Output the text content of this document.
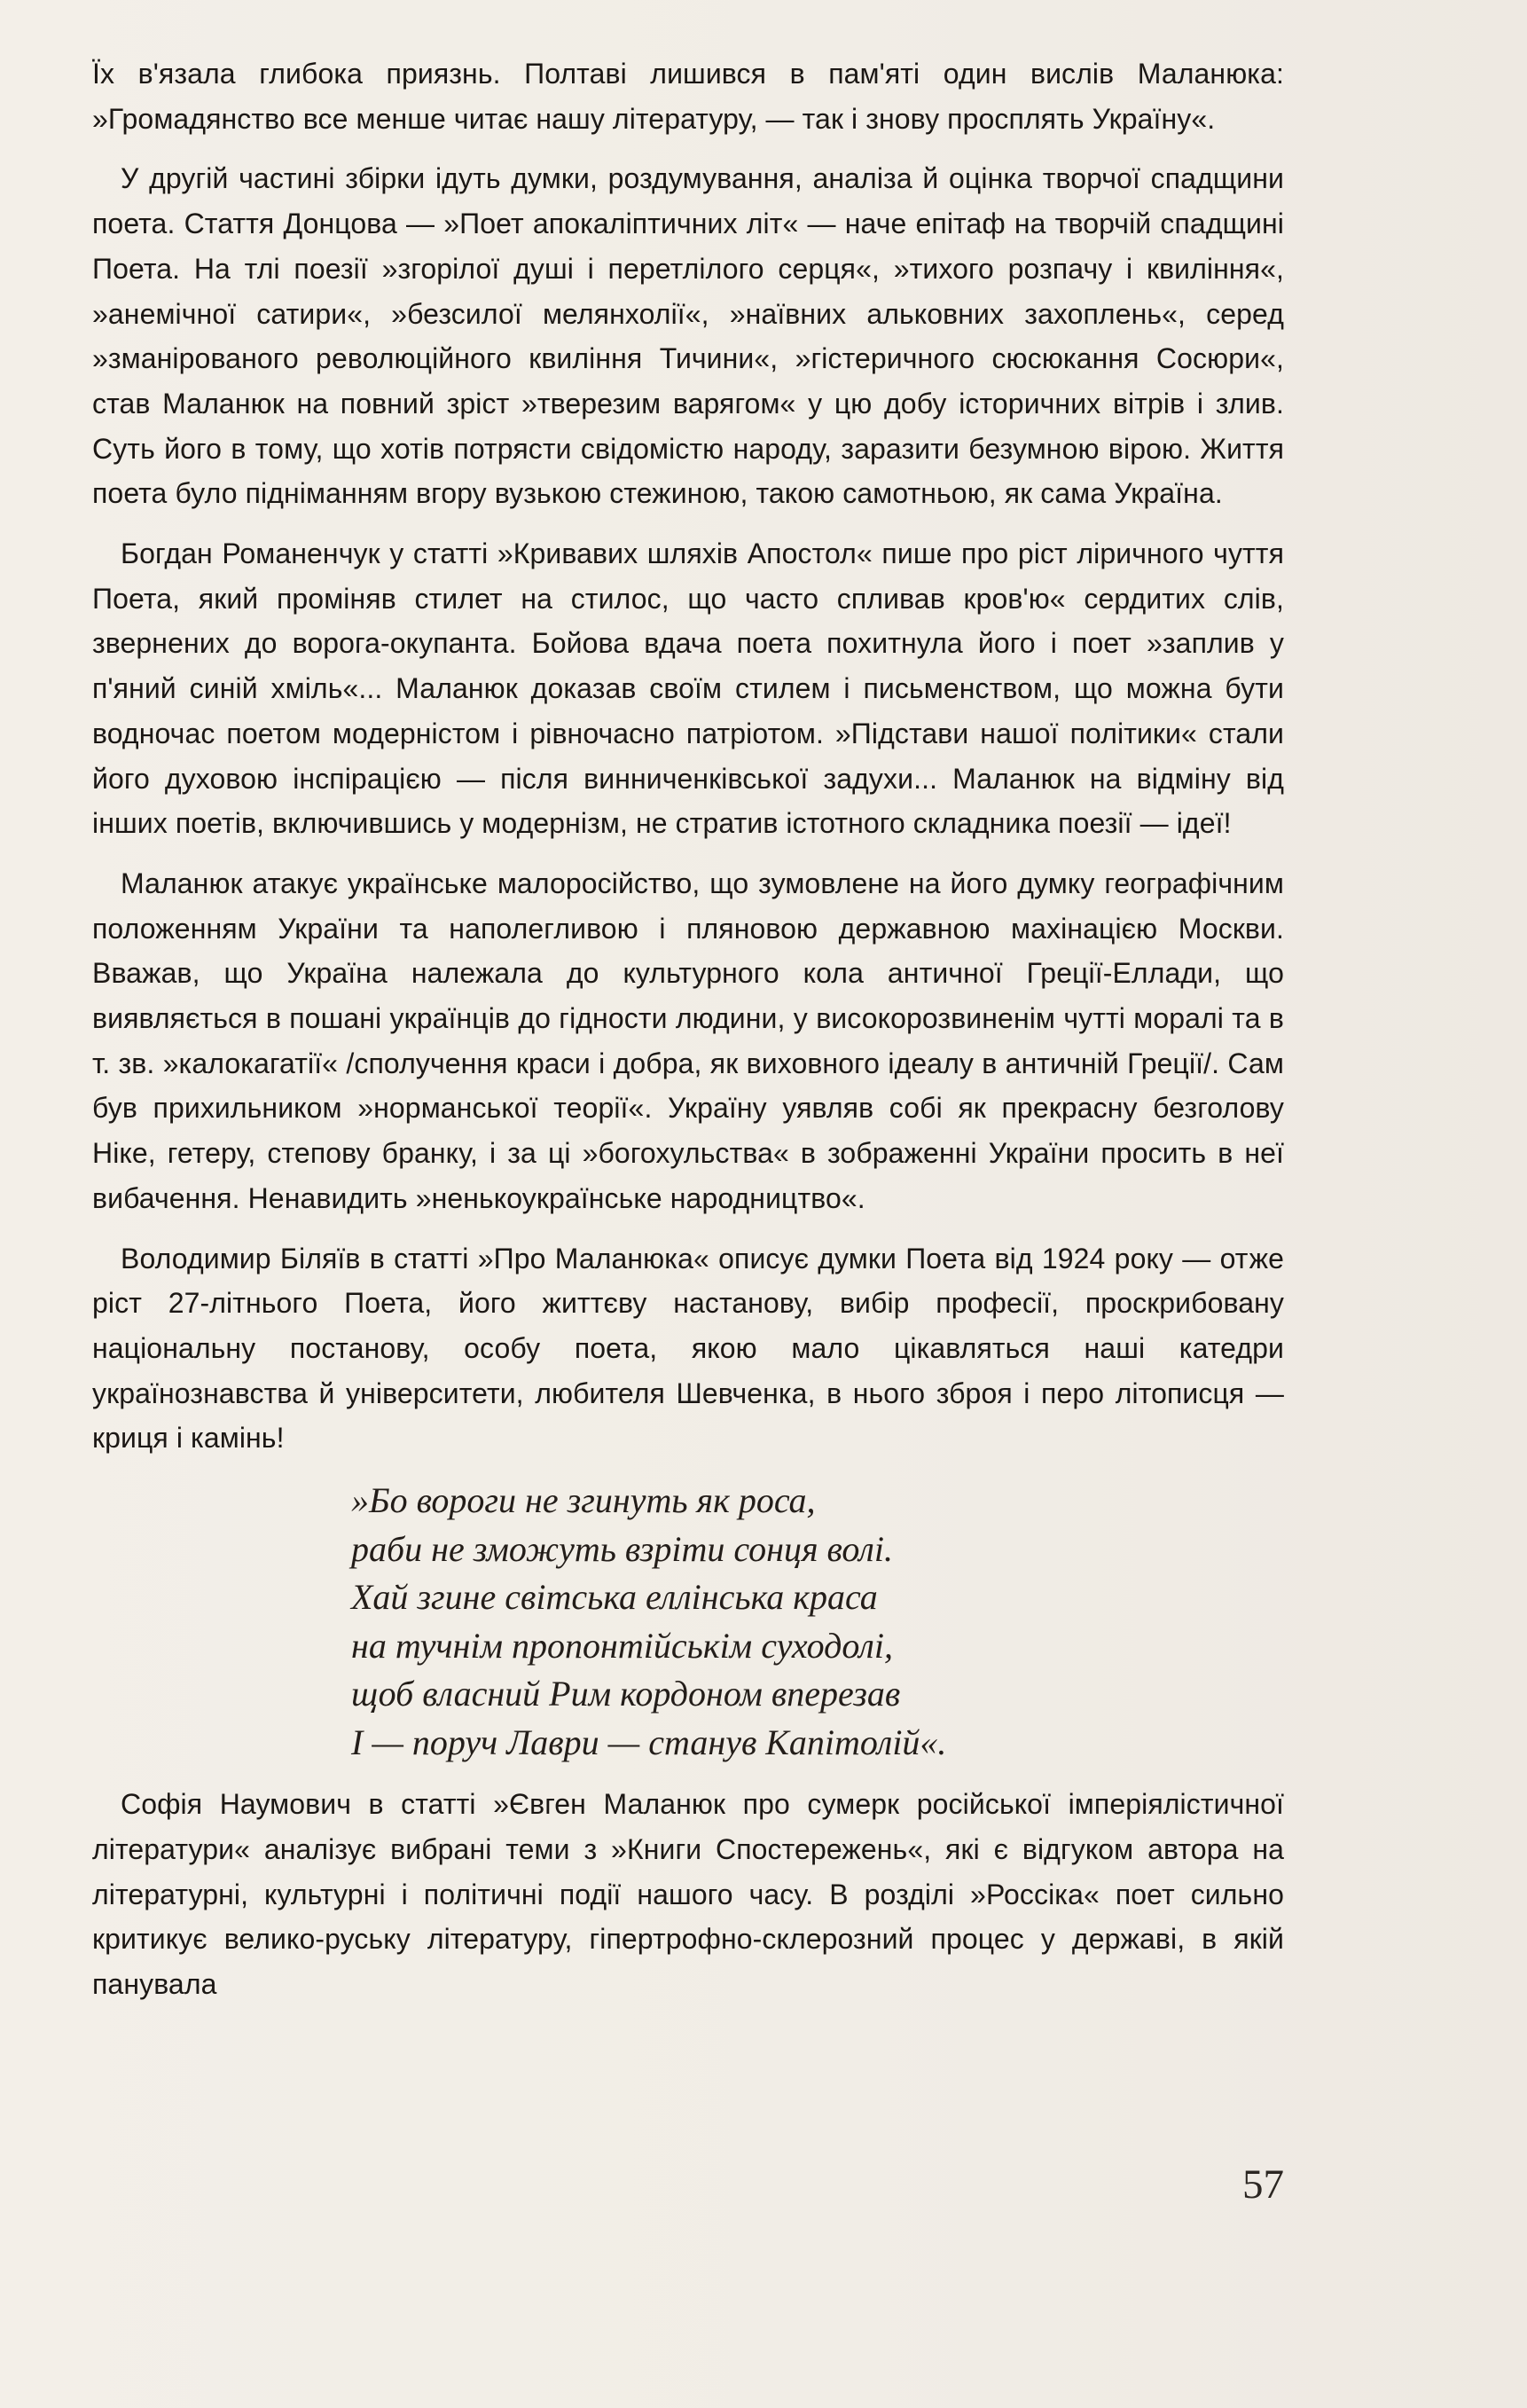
Їх в'язала глибока приязнь. Полтаві лишився в пам'яті один вислів Маланюка: »Громадянство все менше читає нашу літературу, — так і знову просплять Україну«.

У другій частині збірки ідуть думки, роздумування, аналіза й оцінка творчої спадщини поета. Стаття Донцова — »Поет апокаліптичних літ« — наче епітаф на творчій спадщині Поета. На тлі поезії »згорілої душі і перетлілого серця«, »тихого розпачу і квиління«, »анемічної сатири«, »безсилої мелянхолії«, »наївних альковних захоплень«, серед »зманірованого революційного квиління Тичини«, »гістеричного сюсюкання Сосюри«, став Маланюк на повний зріст »тверезим варягом« у цю добу історичних вітрів і злив. Суть його в тому, що хотів потрясти свідомістю народу, заразити безумною вірою. Життя поета було підніманням вгору вузькою стежиною, такою самотньою, як сама Україна.

Богдан Романенчук у статті »Кривавих шляхів Апостол« пише про ріст ліричного чуття Поета, який проміняв стилет на стилос, що часто спливав кров'ю« сердитих слів, звернених до ворога-окупанта. Бойова вдача поета похитнула його і поет »заплив у п'яний синій хміль«... Маланюк доказав своїм стилем і письменством, що можна бути водночас поетом модерністом і рівночасно патріотом. »Підстави нашої політики« стали його духовою інспірацією — після винниченківської задухи... Маланюк на відміну від інших поетів, включившись у модернізм, не стратив істотного складника поезії — ідеї!

Маланюк атакує українське малоросійство, що зумовлене на його думку географічним положенням України та наполегливою і пляновою державною махінацією Москви. Вважав, що Україна належала до культурного кола античної Греції-Еллади, що виявляється в пошані українців до гідности людини, у високорозвиненім чутті моралі та в т. зв. »калокагатії« /сполучення краси і добра, як виховного ідеалу в античній Греції/. Сам був прихильником »норманської теорії«. Україну уявляв собі як прекрасну безголову Ніке, гетеру, степову бранку, і за ці »богохульства« в зображенні України просить в неї вибачення. Ненавидить »ненькоукраїнське народництво«.

Володимир Біляїв в статті »Про Маланюка« описує думки Поета від 1924 року — отже ріст 27-літнього Поета, його життєву настанову, вибір професії, проскрибовану національну постанову, особу поета, якою мало цікавляться наші катедри українознавства й університети, любителя Шевченка, в нього зброя і перо літописця — криця і камінь!

»Бо вороги не згинуть як роса,
раби не зможуть взріти сонця волі.
Хай згине світська еллінська краса
на тучнім пропонтійськім суходолі,
щоб власний Рим кордоном вперезав
І — поруч Лаври — станув Капітолій«.

Софія Наумович в статті »Євген Маланюк про сумерк російської імперіялістичної літератури« аналізує вибрані теми з »Книги Спостережень«, які є відгуком автора на літературні, культурні і політичні події нашого часу. В розділі »Россіка« поет сильно критикує велико-руську літературу, гіпертрофно-склерозний процес у державі, в якій панувала

57
